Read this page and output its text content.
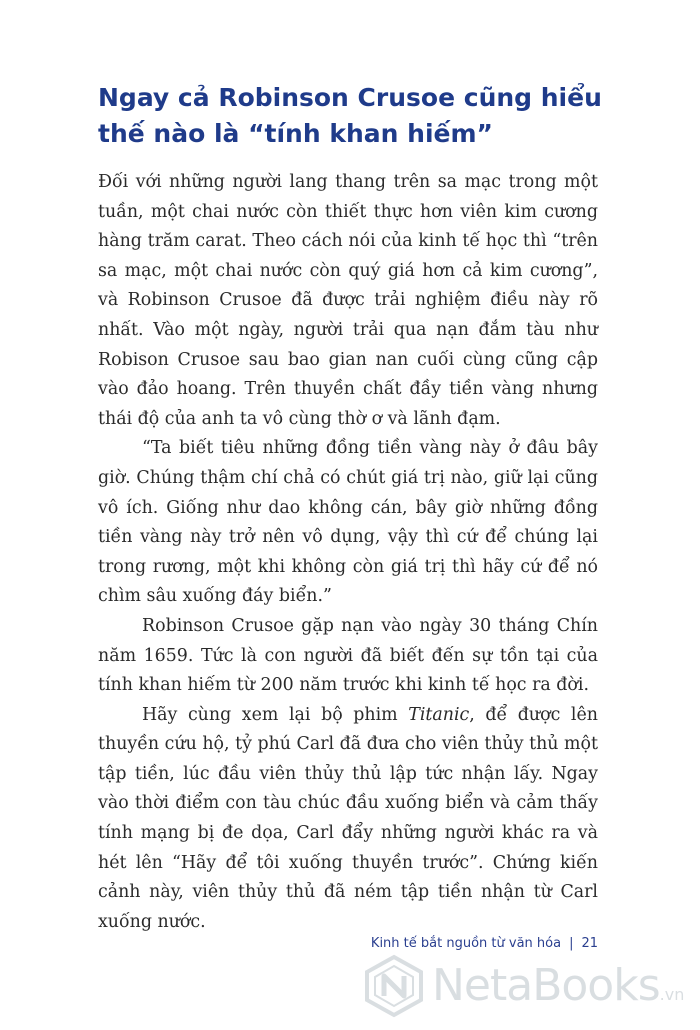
Ngay cả Robinson Crusoe cũng hiểu thế nào là “tính khan hiếm”

Đối với những người lang thang trên sa mạc trong một tuần, một chai nước còn thiết thực hơn viên kim cương hàng trăm carat. Theo cách nói của kinh tế học thì “trên sa mạc, một chai nước còn quý giá hơn cả kim cương”, và Robinson Crusoe đã được trải nghiệm điều này rõ nhất. Vào một ngày, người trải qua nạn đắm tàu như Robison Crusoe sau bao gian nan cuối cùng cũng cập vào đảo hoang. Trên thuyền chất đầy tiền vàng nhưng thái độ của anh ta vô cùng thờ ơ và lãnh đạm.

“Ta biết tiêu những đồng tiền vàng này ở đâu bây giờ. Chúng thậm chí chả có chút giá trị nào, giữ lại cũng vô ích. Giống như dao không cán, bây giờ những đồng tiền vàng này trở nên vô dụng, vậy thì cứ để chúng lại trong rương, một khi không còn giá trị thì hãy cứ để nó chìm sâu xuống đáy biển.”

Robinson Crusoe gặp nạn vào ngày 30 tháng Chín năm 1659. Tức là con người đã biết đến sự tồn tại của tính khan hiếm từ 200 năm trước khi kinh tế học ra đời.

Hãy cùng xem lại bộ phim Titanic, để được lên thuyền cứu hộ, tỷ phú Carl đã đưa cho viên thủy thủ một tập tiền, lúc đầu viên thủy thủ lập tức nhận lấy. Ngay vào thời điểm con tàu chúc đầu xuống biển và cảm thấy tính mạng bị đe dọa, Carl đẩy những người khác ra và hét lên “Hãy để tôi xuống thuyền trước”. Chứng kiến cảnh này, viên thủy thủ đã ném tập tiền nhận từ Carl xuống nước.

Kinh tế bắt nguồn từ văn hóa | 21
NetaBooks.vn
